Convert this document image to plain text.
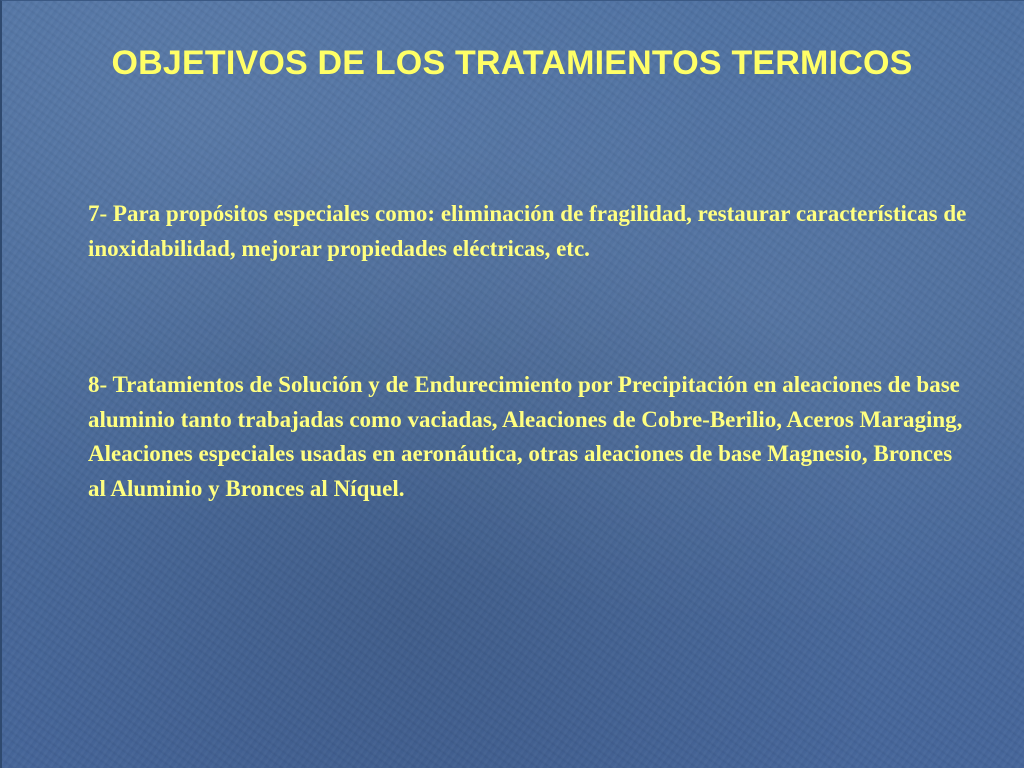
OBJETIVOS DE LOS TRATAMIENTOS TERMICOS
7- Para propósitos especiales como: eliminación de fragilidad, restaurar características de inoxidabilidad, mejorar propiedades eléctricas, etc.
8- Tratamientos de Solución y de Endurecimiento por Precipitación en aleaciones de base aluminio tanto trabajadas como vaciadas, Aleaciones de Cobre-Berilio, Aceros Maraging, Aleaciones especiales usadas en aeronáutica, otras aleaciones de base Magnesio, Bronces al Aluminio y Bronces al Níquel.
